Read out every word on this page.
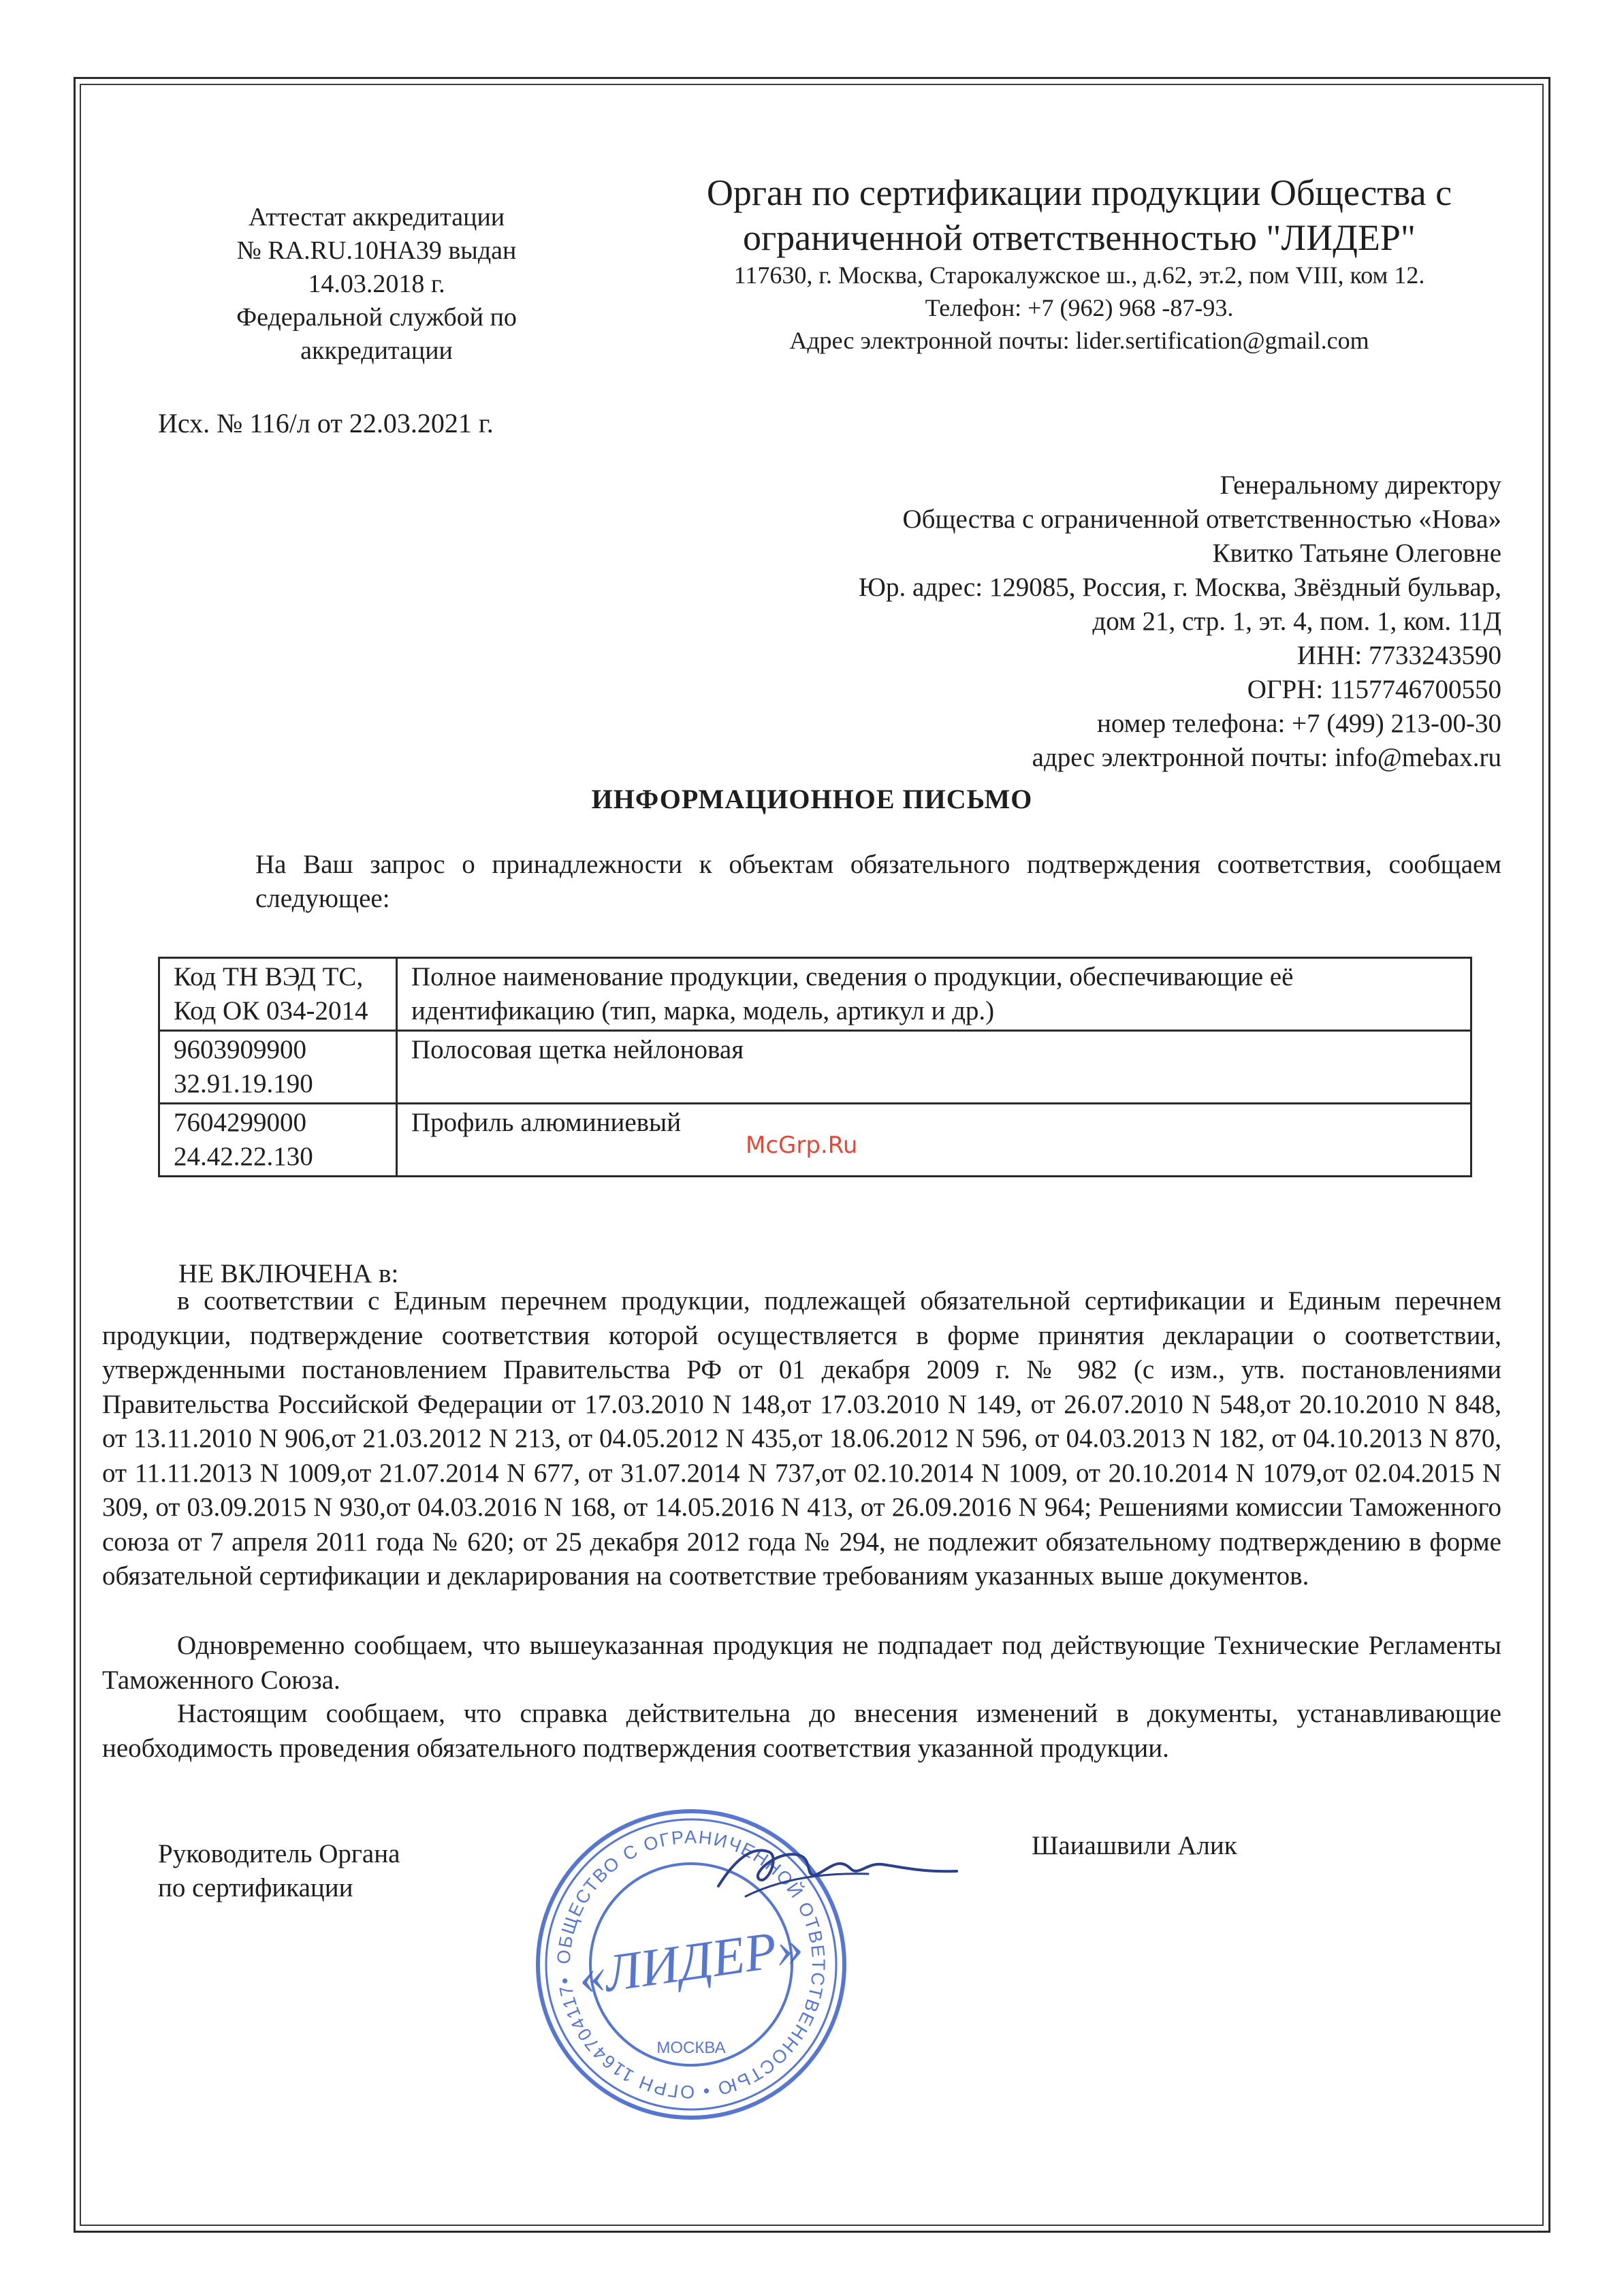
Аттестат аккредитации
№ RA.RU.10НА39 выдан
14.03.2018 г.
Федеральной службой по
аккредитации
Исх. № 116/л от 22.03.2021 г.
Орган по сертификации продукции Общества с
ограниченной ответственностью "ЛИДЕР"
117630, г. Москва, Старокалужское ш., д.62, эт.2, пом VIII, ком 12.
Телефон: +7 (962) 968 -87-93.
Адрес электронной почты: lider.sertification@gmail.com
Генеральному директору
Общества с ограниченной ответственностью «Нова»
Квитко Татьяне Олеговне
Юр. адрес: 129085, Россия, г. Москва, Звёздный бульвар,
дом 21, стр. 1, эт. 4, пом. 1, ком. 11Д
ИНН: 7733243590
ОГРН: 1157746700550
номер телефона: +7 (499) 213-00-30
адрес электронной почты: info@mebax.ru
ИНФОРМАЦИОННОЕ ПИСЬМО
На Ваш запрос о принадлежности к объектам обязательного подтверждения соответствия, сообщаем следующее:
Код ТН ВЭД ТС, Код ОК 034-2014	Полное наименование продукции, сведения о продукции, обеспечивающие её идентификацию (тип, марка, модель, артикул и др.)

9603909900
32.91.19.190	Полосовая щетка нейлоновая

7604299000
24.42.22.130	Профиль алюминиевый
McGrp.Ru
НЕ ВКЛЮЧЕНА в:
в соответствии с Единым перечнем продукции, подлежащей обязательной сертификации и Единым перечнем продукции, подтверждение соответствия которой осуществляется в форме принятия декларации о соответствии, утвержденными постановлением Правительства РФ от 01 декабря 2009 г. № 982 (с изм., утв. постановлениями Правительства Российской Федерации от 17.03.2010 N 148,от 17.03.2010 N 149, от 26.07.2010 N 548,от 20.10.2010 N 848, от 13.11.2010 N 906,от 21.03.2012 N 213, от 04.05.2012 N 435,от 18.06.2012 N 596, от 04.03.2013 N 182, от 04.10.2013 N 870, от 11.11.2013 N 1009,от 21.07.2014 N 677, от 31.07.2014 N 737,от 02.10.2014 N 1009, от 20.10.2014 N 1079,от 02.04.2015 N 309, от 03.09.2015 N 930,от 04.03.2016 N 168, от 14.05.2016 N 413, от 26.09.2016 N 964; Решениями комиссии Таможенного союза от 7 апреля 2011 года № 620; от 25 декабря 2012 года № 294, не подлежит обязательному подтверждению в форме обязательной сертификации и декларирования на соответствие требованиям указанных выше документов.
Одновременно сообщаем, что вышеуказанная продукция не подпадает под действующие Технические Регламенты Таможенного Союза.
Настоящим сообщаем, что справка действительна до внесения изменений в документы, устанавливающие необходимость проведения обязательного подтверждения соответствия указанной продукции.
Руководитель Органа
по сертификации
Шаиашвили Алик
ОБЩЕСТВО С ОГРАНИЧЕННОЙ ОТВЕТСТВЕННОСТЬЮ • ОГРН 1164704117•
«ЛИДЕР»
МОСКВА
